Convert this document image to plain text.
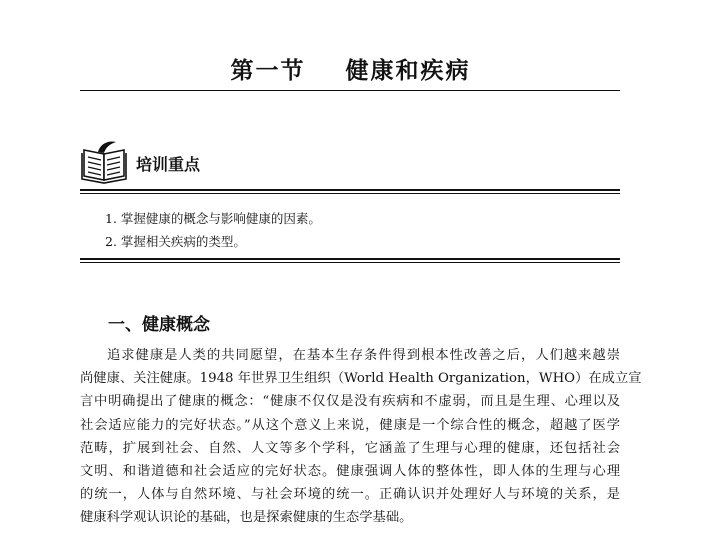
第一节    健康和疾病
培训重点
1. 掌握健康的概念与影响健康的因素。
2. 掌握相关疾病的类型。
一、健康概念
追求健康是人类的共同愿望，在基本生存条件得到根本性改善之后，人们越来越崇
尚健康、关注健康。1948 年世界卫生组织（World Health Organization，WHO）在成立宣
言中明确提出了健康的概念：“健康不仅仅是没有疾病和不虚弱，而且是生理、心理以及
社会适应能力的完好状态。”从这个意义上来说，健康是一个综合性的概念，超越了医学
范畴，扩展到社会、自然、人文等多个学科，它涵盖了生理与心理的健康，还包括社会
文明、和谐道德和社会适应的完好状态。健康强调人体的整体性，即人体的生理与心理
的统一，人体与自然环境、与社会环境的统一。正确认识并处理好人与环境的关系，是
健康科学观认识论的基础，也是探索健康的生态学基础。
